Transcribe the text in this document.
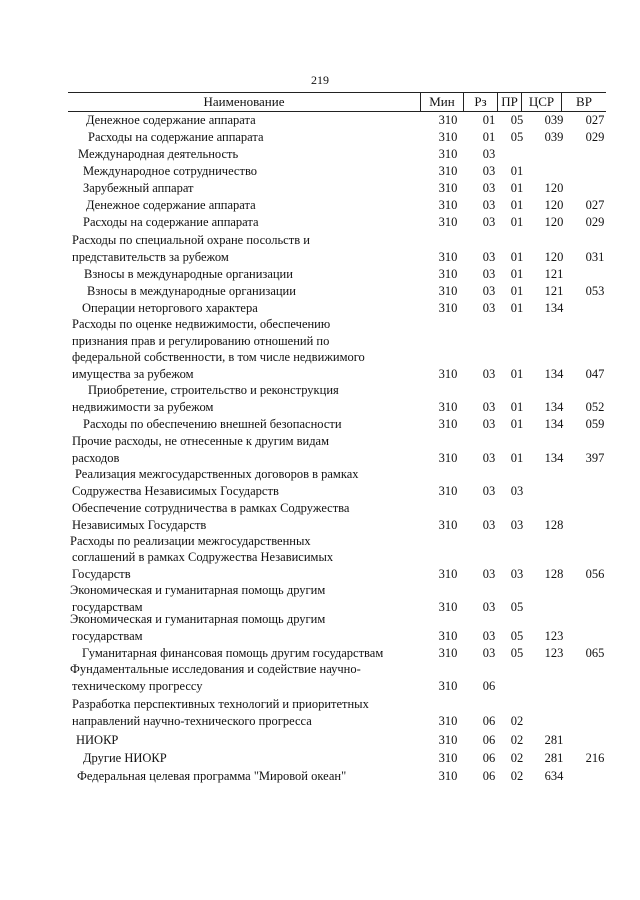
219
Наименование	Мин	Рз	ПР ЦСР	ВР
Денежное содержание аппарата	310	01	05	039	027
Расходы на содержание аппарата	310	01	05	039	029
Международная деятельность	310	03
Международное сотрудничество	310	03	01
Зарубежный аппарат	310	03	01	120
Денежное содержание аппарата	310	03	01	120	027
Расходы на содержание аппарата	310	03	01	120	029
Расходы по специальной охране посольств и
представительств за рубежом	310	03	01	120	031
Взносы в международные организации	310	03	01	121
Взносы в международные организации	310	03	01	121	053
Операции неторгового характера	310	03	01	134
Расходы по оценке недвижимости, обеспечению
признания прав и регулированию отношений по
федеральной собственности, в том числе недвижимого
имущества за рубежом	310	03	01	134	047
Приобретение, строительство и реконструкция
недвижимости за рубежом	310	03	01	134	052
Расходы по обеспечению внешней безопасности	310	03	01	134	059
Прочие расходы, не отнесенные к другим видам
расходов	310	03	01	134	397
Реализация межгосударственных договоров в рамках
Содружества Независимых Государств	310	03	03
Обеспечение сотрудничества в рамках Содружества
Независимых Государств	310	03	03	128
Расходы по реализации межгосударственных
соглашений в рамках Содружества Независимых
Государств	310	03	03	128	056
Экономическая и гуманитарная помощь другим
государствам	310	03	05
Экономическая и гуманитарная помощь другим
государствам	310	03	05	123
Гуманитарная финансовая помощь другим государствам	310	03	05	123	065
Фундаментальные исследования и содействие научно-
техническому прогрессу	310	06
Разработка перспективных технологий и приоритетных
направлений научно-технического прогресса	310	06	02
НИОКР	310	06	02	281
Другие НИОКР	310	06	02	281	216
Федеральная целевая программа "Мировой океан"	310	06	02	634
